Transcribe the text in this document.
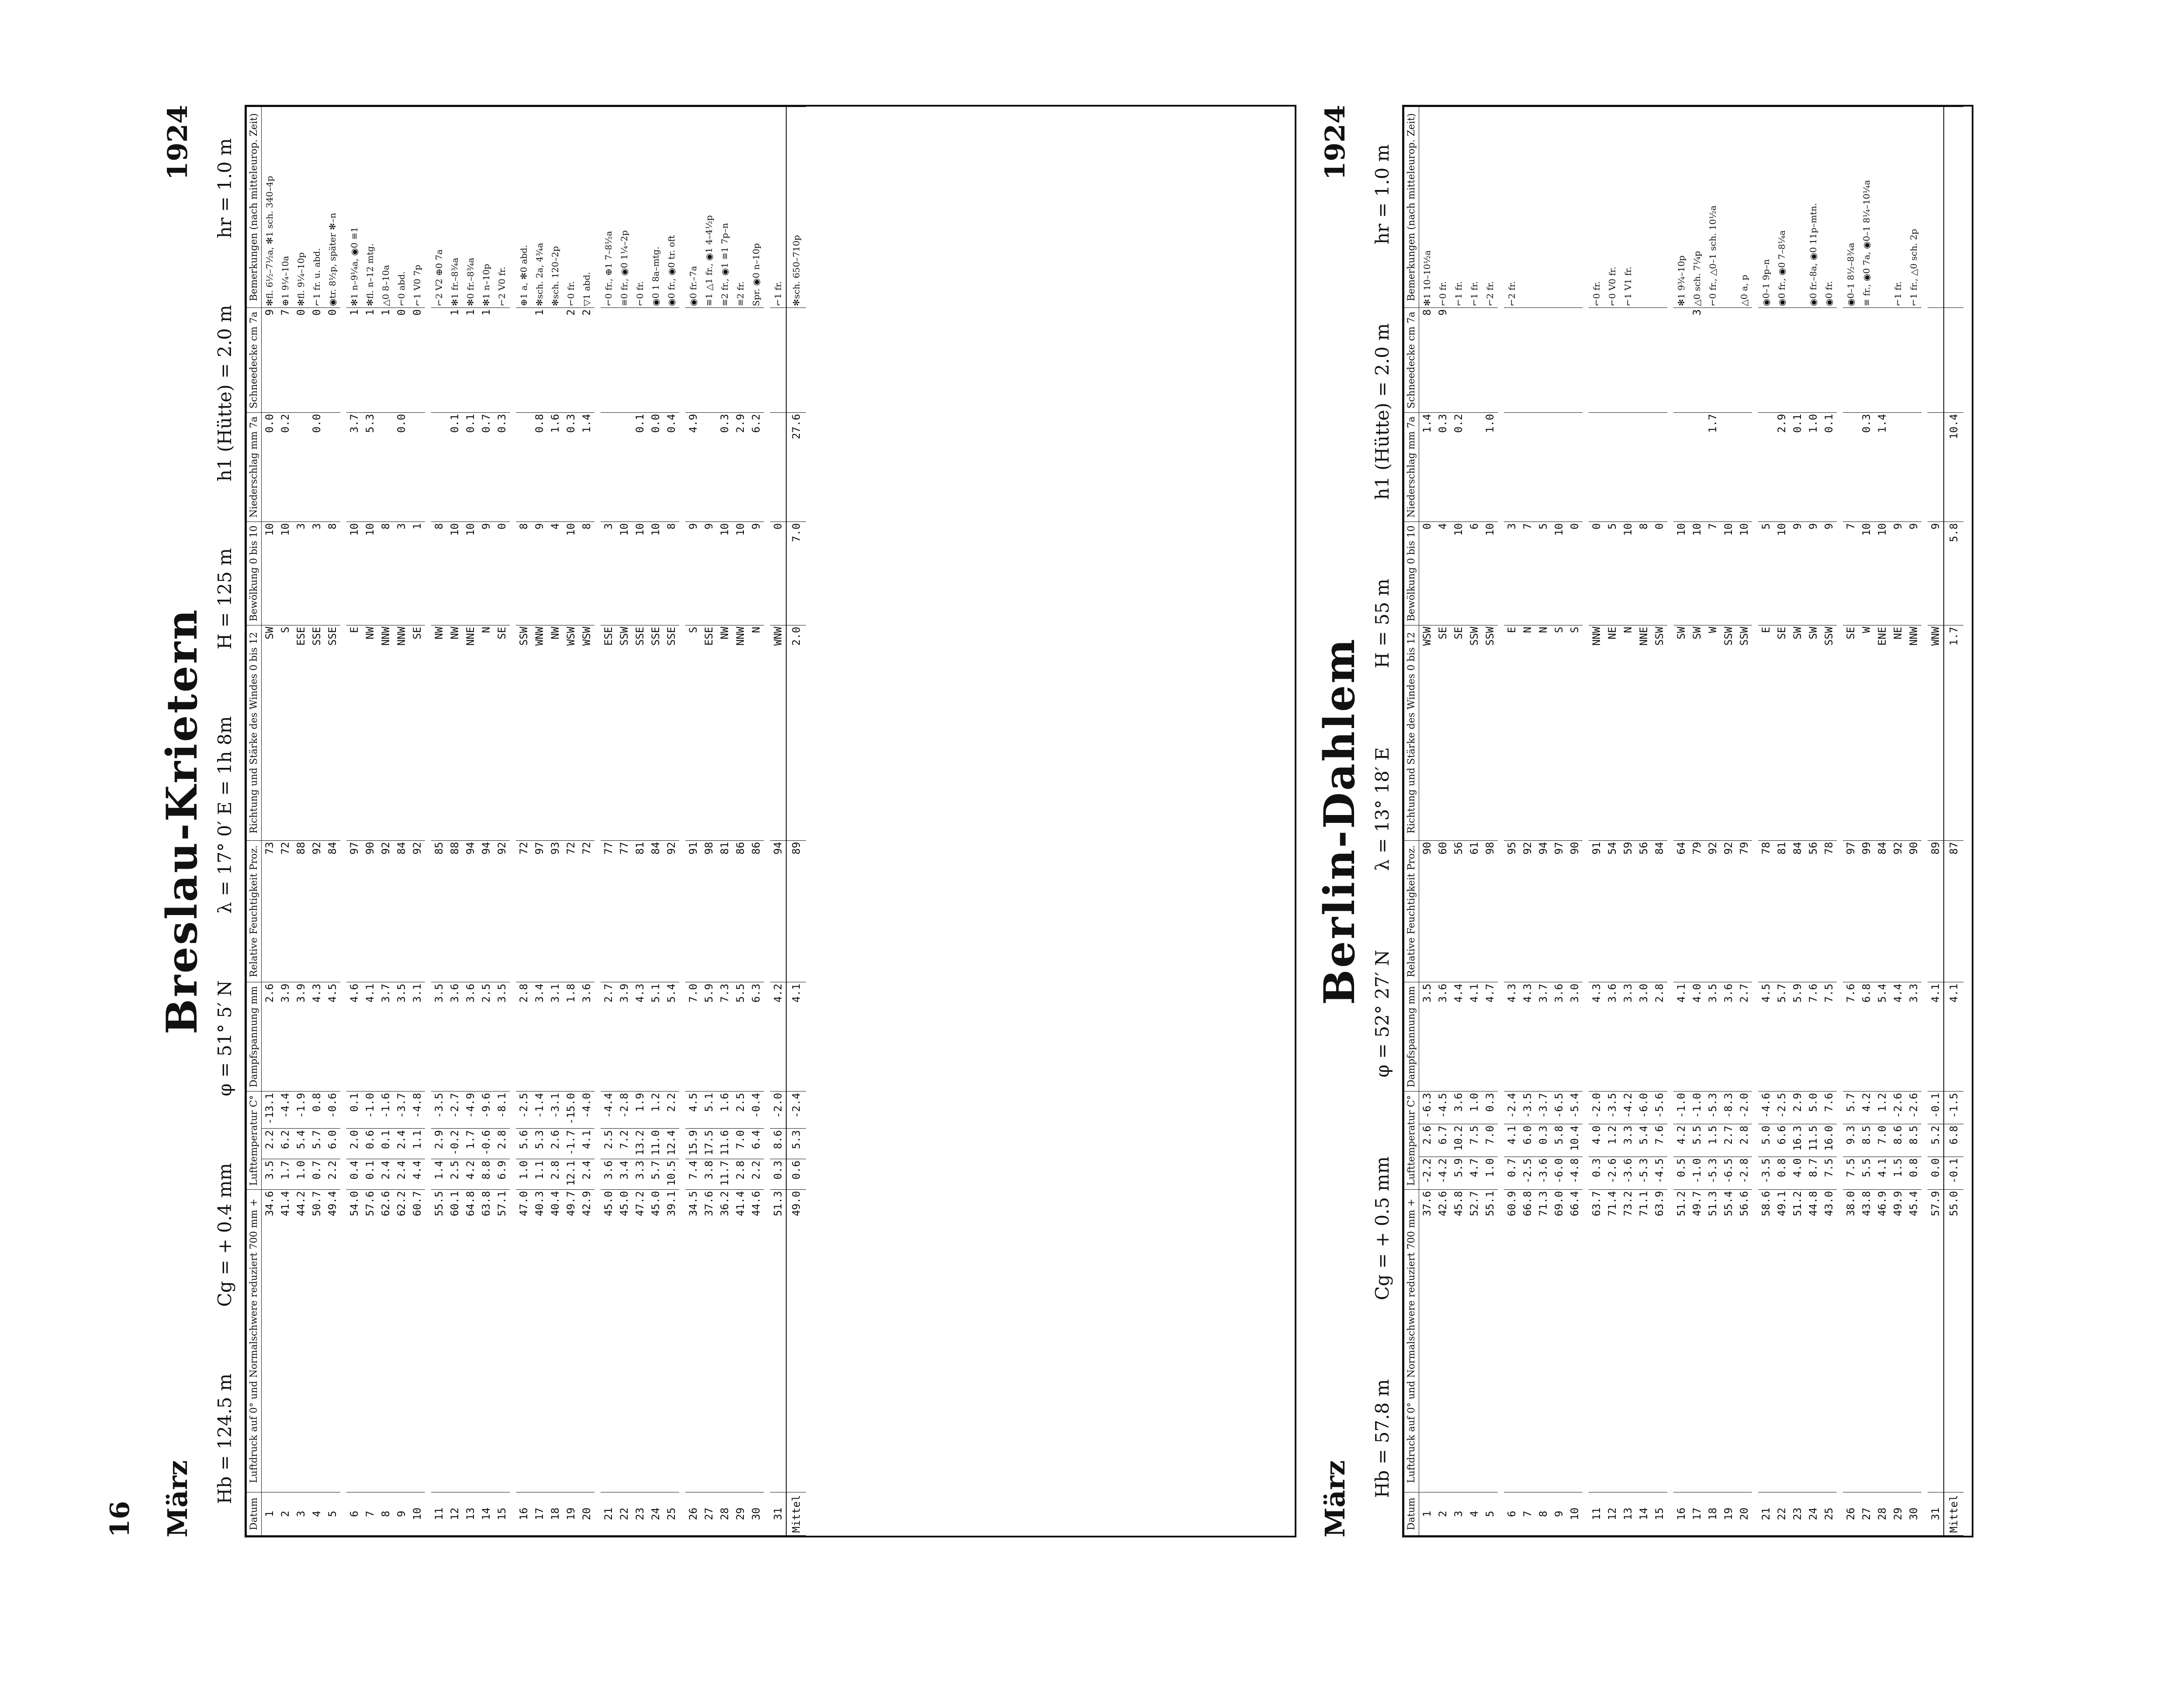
16 März
Breslau-Krietern
1924
Hb = 124.5 m
Cg = + 0.4 mm
φ = 51° 5′ N
λ = 17° 0′ E = 1h 8m
H = 125 m
h1 (Hütte) = 2.0 m
hr = 1.0 m
Datum	Luftdruck auf 0° und Normalschwere reduziert 700 mm +	Lufttemperatur C°			Dampfspannung mm	Relative Feuchtigkeit Proz.	Richtung und Stärke des Windes 0 bis 12	Bewölkung 0 bis 10	Niederschlag mm 7a	Schneedecke cm 7a	Bemerkungen (nach mitteleurop. Zeit)
1	34.6	3.5	2.2	-13.1	2.6	73	SW	10	0.0	9	✻fl. 6½–7½a, ✻1 sch. 340–4p
2	41.4	1.7	6.2	-4.4	3.9	72	S	10	0.2	7	⊕1 9¼–10a
3	44.2	1.0	5.4	-1.9	3.9	88	ESE	3		0	✻fl. 9¼–10p
4	50.7	0.7	5.7	0.8	4.3	92	SSE	3	0.0	0	⌐1 fr. u. abd.
5	49.4	2.2	6.0	-0.6	4.5	84	SSE	8		0	◉tr. 8½p, später ✻–n

6	54.0	0.4	2.0	0.1	4.6	97	E	10	3.7	1	✻1 n–9¼a, ◉0 ≡1
7	57.6	0.1	0.6	-1.0	4.1	90	NW	10	5.3	1	✻fl. n–12 mtg.
8	62.6	2.4	0.1	-1.6	3.7	92	NNW	8		1	△0 8–10a
9	62.2	2.4	2.4	-3.7	3.5	84	NNW	3	0.0	0	⌐0 abd.
10	60.7	4.4	1.1	-4.8	3.1	92	SE	1		0	⌐1 V0 7p

11	55.5	1.4	2.9	-3.5	3.5	85	NW	8			⌐2 V2 ⊕0 7a
12	60.1	2.5	-0.2	-2.7	3.6	88	NW	10	0.1	1	✻1 fr.–8¾a
13	64.8	4.2	1.7	-4.9	3.6	94	NNE	10	0.1	1	✻0 fr.–8¾a
14	63.8	8.8	-0.6	-9.6	2.5	94	N	9	0.7	1	✻1 n–10p
15	57.1	6.9	2.8	-8.1	3.5	92	SE	0	0.3		⌐2 V0 fr.

16	47.0	1.0	5.6	-2.5	2.8	72	SSW	8			⊕1 a, ✻0 abd.
17	40.3	1.1	5.3	-1.4	3.4	97	WNW	9	0.8	1	✻sch. 2a, 4¾a
18	40.4	2.8	2.6	-3.1	3.1	93	NW	4	1.6		✻sch. 120–2p
19	49.7	12.1	-1.7	-15.0	1.8	72	WSW	10	0.3	2	⌐0 fr.
20	42.9	2.4	4.1	-4.0	3.6	72	WSW	8	1.4	2	▽1 abd.

21	45.0	3.6	2.5	-4.4	2.7	77	ESE	3			⌐0 fr., ⊕1 7–8½a
22	45.0	3.4	7.2	-2.8	3.9	77	SSW	10			≡0 fr., ◉0 1¼–2p
23	47.2	3.3	13.2	1.9	4.3	81	SSE	10	0.1		⌐0 fr.
24	45.0	5.7	11.0	1.2	5.1	84	SSE	10	0.0		◉0 1 8a–mtg.
25	39.1	10.5	12.4	2.2	5.4	92	SSE	8	0.4		◉0 fr., ◉0 tr. oft

26	34.5	7.4	15.9	4.5	7.0	91	S	9	4.9		◉0 fr.–7a
27	37.6	3.8	17.5	5.1	5.9	98	ESE	9			≡1 △1 fr., ◉1 4–4½p
28	36.2	11.7	11.6	1.6	7.3	81	NW	10	0.3		≡2 fr., ◉1 ≡1 7p–n
29	41.4	2.8	7.0	2.5	5.5	86	NNW	10	2.9		≡2 fr.
30	44.6	2.2	6.4	-0.4	6.3	86	N	9	6.2		Spr. ◉0 n–10p

31	51.3	0.3	8.6	-2.0	4.2	94	WNW	0			⌐1 fr.
Mittel	49.0	0.6	5.3	-2.4	4.1	89	2.0	7.0	27.6		✻sch. 650–710p
März
Berlin-Dahlem
1924
Hb = 57.8 m
Cg = + 0.5 mm
φ = 52° 27′ N
λ = 13° 18′ E
H = 55 m
h1 (Hütte) = 2.0 m
hr = 1.0 m
Datum	Luftdruck auf 0° und Normalschwere reduziert 700 mm +	Lufttemperatur C°			Dampfspannung mm	Relative Feuchtigkeit Proz.	Richtung und Stärke des Windes 0 bis 12	Bewölkung 0 bis 10	Niederschlag mm 7a	Schneedecke cm 7a	Bemerkungen (nach mitteleurop. Zeit)
1	37.6	-2.2	2.6	-6.3	3.5	90	WSW	0	1.4	8	✻1 10–10½a
2	42.6	-4.2	6.7	-4.5	3.6	60	SE	4	0.3	9	⌐0 fr.
3	45.8	5.9	10.2	3.6	4.4	56	SE	10	0.2		⌐1 fr.
4	52.7	4.7	7.5	1.0	4.1	61	SSW	6			⌐1 fr.
5	55.1	1.0	7.0	0.3	4.7	98	SSW	10	1.0		⌐2 fr.

6	60.9	0.7	4.1	-2.4	4.3	95	E	3			⌐2 fr.
7	66.8	-2.5	6.0	-3.5	4.3	92	N	7			
8	71.3	-3.6	0.3	-3.7	3.7	94	N	5			
9	69.0	-6.0	5.8	-6.5	3.6	97	S	10			
10	66.4	-4.8	10.4	-5.4	3.0	90	S	0			

11	63.7	0.3	4.0	-2.0	4.3	91	NNW	0			⌐0 fr.
12	71.4	-2.6	1.2	-3.5	3.6	54	NE	5			⌐0 V0 fr.
13	73.2	-3.6	3.3	-4.2	3.3	59	N	10			⌐1 V1 fr.
14	71.1	-5.3	5.4	-6.0	3.0	56	NNE	8			
15	63.9	-4.5	7.6	-5.6	2.8	84	SSW	0			

16	51.2	0.5	4.2	-1.0	4.1	64	SW	10			✻1 9¾–10p
17	49.7	-1.0	5.5	-1.0	4.0	79	SW	10		3	△0 sch. 7¼p
18	51.3	-5.3	1.5	-5.3	3.5	92	W	7	1.7		⌐0 fr., △0–1 sch. 10½a
19	55.4	-6.5	2.7	-8.3	3.6	92	SSW	10			
20	56.6	-2.8	2.8	-2.0	2.7	79	SSW	10			△0 a, p

21	58.6	-3.5	5.0	-4.6	4.5	78	E	5			◉0–1 9p–n
22	49.1	0.8	6.6	-2.5	5.7	81	SE	10	2.9		◉0 fr., ◉0 7–8¼a
23	51.2	4.0	16.3	2.9	5.9	84	SW	9	0.1		
24	44.8	8.7	11.5	5.0	7.6	56	SW	9	1.0		◉0 fr.–8a, ◉0 11p–mtn.
25	43.0	7.5	16.0	7.6	7.5	78	SSW	9	0.1		◉0 fr.

26	38.0	7.5	9.3	5.7	7.6	97	SE	7			◉0–1 8½–8¾a
27	43.8	5.5	8.5	4.2	6.8	99	W	10	0.3		≡ fr., ◉0 7a, ◉0–1 8¼–10¼a
28	46.9	4.1	7.0	1.2	5.4	84	ENE	10	1.4		
29	49.9	1.5	8.6	-2.6	4.4	92	NE	9			⌐1 fr.
30	45.4	0.8	8.5	-2.6	3.3	90	NNW	9			⌐1 fr., △0 sch. 2p

31	57.9	0.0	5.2	-0.1	4.1	89	WNW	9			
Mittel	55.0	-0.1	6.8	-1.5	4.1	87	1.7	5.8	10.4		
